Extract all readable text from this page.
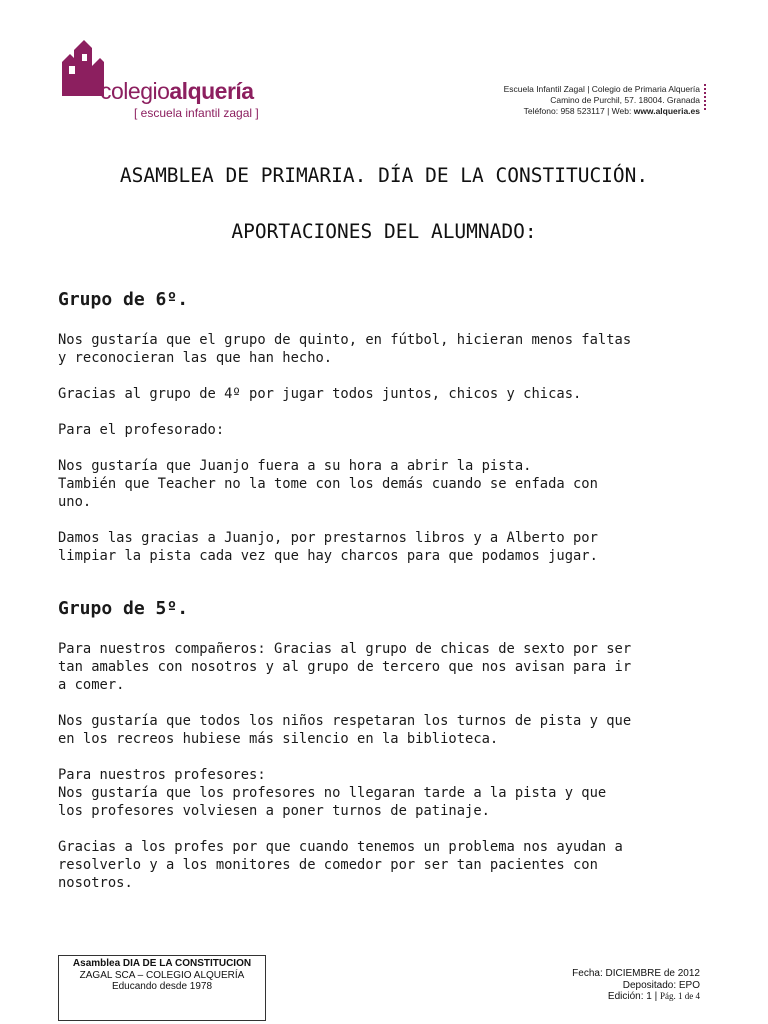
colegioalquería
[ escuela infantil zagal ]
Escuela Infantil Zagal | Colegio de Primaria Alquería
Camino de Purchil, 57. 18004. Granada
Teléfono: 958 523117 | Web: www.alqueria.es
ASAMBLEA DE PRIMARIA. DÍA DE LA CONSTITUCIÓN.
APORTACIONES DEL ALUMNADO:
Grupo de 6º.

Nos gustaría que el grupo de quinto, en fútbol, hicieran menos faltas
y reconocieran las que han hecho.

Gracias al grupo de 4º por jugar todos juntos, chicos y chicas.

Para el profesorado:

Nos gustaría que Juanjo fuera a su hora a abrir la pista.
También que Teacher no la tome con los demás cuando se enfada con
uno.

Damos las gracias a Juanjo, por prestarnos libros y a Alberto por
limpiar la pista cada vez que hay charcos para que podamos jugar.

Grupo de 5º.

Para nuestros compañeros: Gracias al grupo de chicas de sexto por ser
tan amables con nosotros y al grupo de tercero que nos avisan para ir
a comer.

Nos gustaría que todos los niños respetaran los turnos de pista y que
en los recreos hubiese más silencio en la biblioteca.

Para nuestros profesores:
Nos gustaría que los profesores no llegaran tarde a la pista y que
los profesores volviesen a poner turnos de patinaje.

Gracias a los profes por que cuando tenemos un problema nos ayudan a
resolverlo y a los monitores de comedor por ser tan pacientes con
nosotros.

Asamblea DIA DE LA CONSTITUCION
ZAGAL SCA – COLEGIO ALQUERÍA
Educando desde 1978
Fecha: DICIEMBRE de 2012
Depositado: EPO
Edición: 1 | Pág. 1 de 4
